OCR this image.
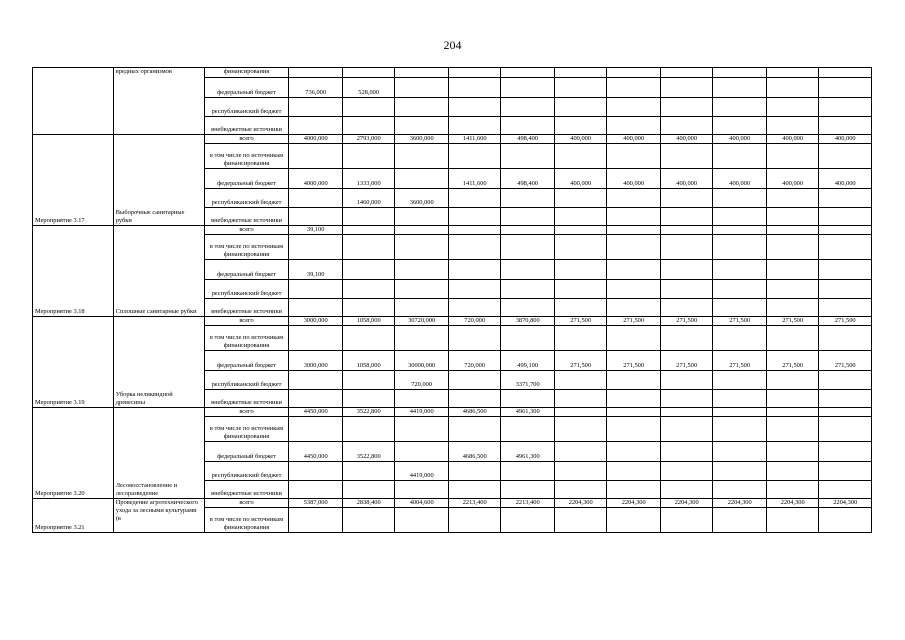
204
	вредных организмов	финансирования											
		федеральный бюджет	736,000	528,000									
		республиканский бюджет											
		внебюджетные источники											
Мероприятие 3.17	Выборочные санитарные рубки	всего	4000,000	2793,000	3600,000	1411,600	498,400	400,000	400,000	400,000	400,000	400,000	400,000
		в том числе по источникам финансирования											
		федеральный бюджет	4000,000	1333,000		1411,600	498,400	400,000	400,000	400,000	400,000	400,000	400,000
		республиканский бюджет		1460,000	3600,000								
		внебюджетные источники											
Мероприятие 3.18	Сплошные санитарные рубки	всего	39,100										
		в том числе по источникам финансирования											
		федеральный бюджет	39,100										
		республиканский бюджет											
		внебюджетные источники											
Мероприятие 3.19	Уборка неликвидной древесины	всего	3000,000	1058,000	30720,000	720,000	3870,800	271,500	271,500	271,500	271,500	271,500	271,500
		в том числе по источникам финансирования											
		федеральный бюджет	3000,000	1058,000	30000,000	720,000	499,100	271,500	271,500	271,500	271,500	271,500	271,500
		республиканский бюджет			720,000		3371,700						
		внебюджетные источники											
Мероприятие 3.20	Лесовосстановление и лесоразведение	всего	4450,000	3522,800	4419,000	4686,500	4961,300						
		в том числе по источникам финансирования											
		федеральный бюджет	4450,000	3522,800		4686,500	4961,300						
		республиканский бюджет			4419,000								
		внебюджетные источники											
Мероприятие 3.21	Проведение агротехнического ухода за лесными культурами (в	всего	5387,000	2838,400	4004,600	2213,400	2213,400	2204,300	2204,300	2204,300	2204,300	2204,300	2204,300
		в том числе по источникам финансирования											
